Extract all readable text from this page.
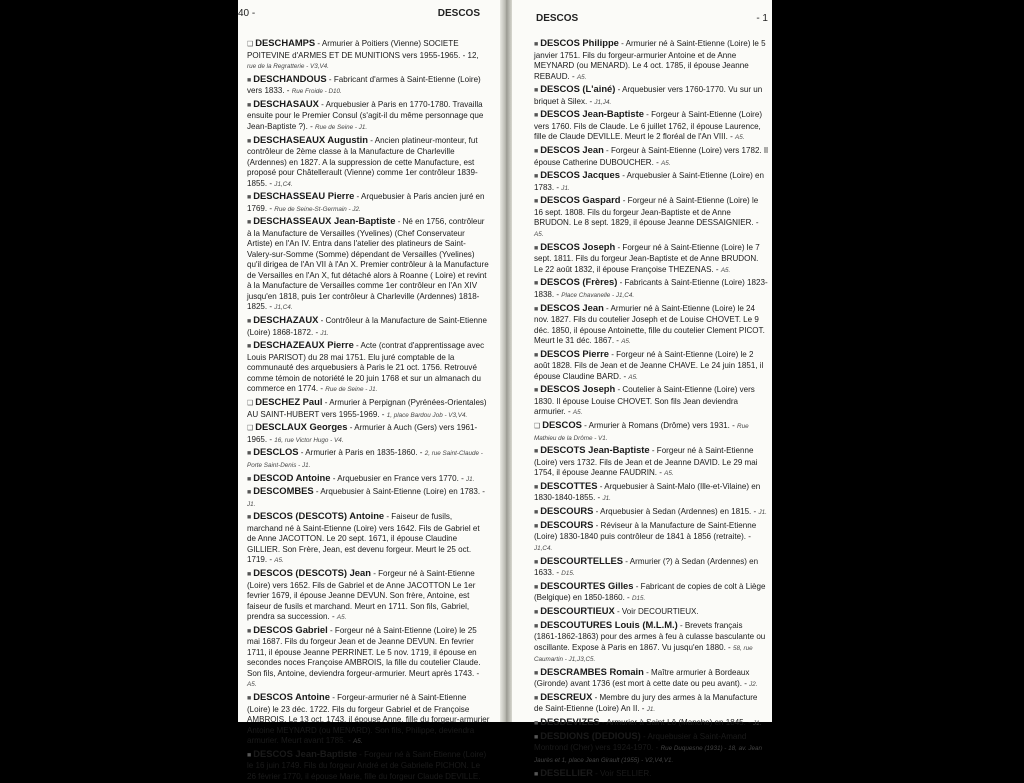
40 -	DESCOS
❑ DESCHAMPS - Armurier à Poitiers (Vienne) SOCIETE POITEVINE d'ARMES ET DE MUNITIONS vers 1955-1965. - 12, rue de la Regratterie - V3,V4.
■ DESCHANDOUS - Fabricant d'armes à Saint-Etienne (Loire) vers 1833. - Rue Froide - D10.
■ DESCHASAUX - Arquebusier à Paris en 1770-1780. Travailla ensuite pour le Premier Consul (s'agit-il du même personnage que Jean-Baptiste ?). - Rue de Seine - J1.
■ DESCHASEAUX Augustin - Ancien platineur-monteur, fut contrôleur de 2ème classe à la Manufacture de Charleville (Ardennes) en 1827. A la suppression de cette Manufacture, est proposé pour Châtellerault (Vienne) comme 1er contrôleur 1839-1855. - J1,C4.
■ DESCHASSEAU Pierre - Arquebusier à Paris ancien juré en 1769. - Rue de Seine-St-Germain - J2.
■ DESCHASSEAUX Jean-Baptiste - Né en 1756, contrôleur à la Manufacture de Versailles (Yvelines) (Chef Conservateur Artiste) en l'An IV. Entra dans l'atelier des platineurs de Saint-Valery-sur-Somme (Somme) dépendant de Versailles (Yvelines) qu'il dirigea de l'An VII à l'An X. Premier contrôleur à la Manufacture de Versailles en l'An X, fut détaché alors à Roanne ( Loire) et revint à la Manufacture de Versailles comme 1er contrôleur en l'An XIV jusqu'en 1818, puis 1er contrôleur à Charleville (Ardennes) 1818-1825. - J1,C4.
■ DESCHAZAUX - Contrôleur à la Manufacture de Saint-Etienne (Loire) 1868-1872. - J1.
■ DESCHAZEAUX Pierre - Acte (contrat d'apprentissage avec Louis PARISOT) du 28 mai 1751. Elu juré comptable de la communauté des arquebusiers à Paris le 21 oct. 1756. Retrouvé comme témoin de notoriété le 20 juin 1768 et sur un almanach du commerce en 1774. - Rue de Seine - J1.
❑ DESCHEZ Paul - Armurier à Perpignan (Pyrénées-Orientales) AU SAINT-HUBERT vers 1955-1969. - 1, place Bardou Job - V3,V4.
❑ DESCLAUX Georges - Armurier à Auch (Gers) vers 1961-1965. - 16, rue Victor Hugo - V4.
■ DESCLOS - Armurier à Paris en 1835-1860. - 2, rue Saint-Claude - Porte Saint-Denis - J1.
■ DESCOD Antoine - Arquebusier en France vers 1770. - J1.
■ DESCOMBES - Arquebusier à Saint-Etienne (Loire) en 1783. - J1.
■ DESCOS (DESCOTS) Antoine - Faiseur de fusils, marchand né à Saint-Etienne (Loire) vers 1642. Fils de Gabriel et de Anne JACOTTON. Le 20 sept. 1671, il épouse Claudine GILLIER. Son Frère, Jean, est devenu forgeur. Meurt le 25 oct. 1719. - A5.
■ DESCOS (DESCOTS) Jean - Forgeur né à Saint-Etienne (Loire) vers 1652. Fils de Gabriel et de Anne JACOTTON Le 1er fevrier 1679, il épouse Jeanne DEVUN. Son frère, Antoine, est faiseur de fusils et marchand. Meurt en 1711. Son fils, Gabriel, prendra sa succession. - A5.
■ DESCOS Gabriel - Forgeur né à Saint-Etienne (Loire) le 25 mai 1687. Fils du forgeur Jean et de Jeanne DEVUN. En fevrier 1711, il épouse Jeanne PERRINET. Le 5 nov. 1719, il épouse en secondes noces Françoise AMBROIS, la fille du coutelier Claude. Son fils, Antoine, deviendra forgeur-armurier. Meurt après 1743. - A5.
■ DESCOS Antoine - Forgeur-armurier né à Saint-Etienne (Loire) le 23 déc. 1722. Fils du forgeur Gabriel et de Françoise AMBROIS. Le 13 oct. 1743, il épouse Anne, fille du forgeur-armurier Antoine MEYNARD (ou MENARD). Son fils, Philippe, deviendra armurier. Meurt avant 1785. - A5.
■ DESCOS Jean-Baptiste - Forgeur né à Saint-Etienne (Loire) le 16 juin 1749. Fils du forgeur André et de Gabrielle PICHON. Le 26 février 1770, il épouse Marie, fille du forgeur Claude DEVILLE.
DESCOS	- 1
■ DESCOS Philippe - Armurier né à Saint-Etienne (Loire) le 5 janvier 1751. Fils du forgeur-armurier Antoine et de Anne MEYNARD (ou MENARD). Le 4 oct. 1785, il épouse Jeanne REBAUD. - A5.
■ DESCOS (L'ainé) - Arquebusier vers 1760-1770. Vu sur un briquet à Silex. - J1,J4.
■ DESCOS Jean-Baptiste - Forgeur à Saint-Etienne (Loire) vers 1760. Fils de Claude. Le 6 juillet 1762, il épouse Laurence, fille de Claude DEVILLE. Meurt le 2 floréal de l'An VIII. - A5.
■ DESCOS Jean - Forgeur à Saint-Etienne (Loire) vers 1782. Il épouse Catherine DUBOUCHER. - A5.
■ DESCOS Jacques - Arquebusier à Saint-Etienne (Loire) en 1783. - J1.
■ DESCOS Gaspard - Forgeur né à Saint-Etienne (Loire) le 16 sept. 1808. Fils du forgeur Jean-Baptiste et de Anne BRUDON. Le 8 sept. 1829, il épouse Jeanne DESSAIGNIER. - A5.
■ DESCOS Joseph - Forgeur né à Saint-Etienne (Loire) le 7 sept. 1811. Fils du forgeur Jean-Baptiste et de Anne BRUDON. Le 22 août 1832, il épouse Françoise THEZENAS. - A5.
■ DESCOS (Frères) - Fabricants à Saint-Etienne (Loire) 1823-1838. - Place Chavanelle - J1,C4.
■ DESCOS Jean - Armurier né à Saint-Etienne (Loire) le 24 nov. 1827. Fils du coutelier Joseph et de Louise CHOVET. Le 9 déc. 1850, il épouse Antoinette, fille du coutelier Clement PICOT. Meurt le 31 déc. 1867. - A5.
■ DESCOS Pierre - Forgeur né à Saint-Etienne (Loire) le 2 août 1828. Fils de Jean et de Jeanne CHAVE. Le 24 juin 1851, il épouse Claudine BARD. - A5.
■ DESCOS Joseph - Coutelier à Saint-Etienne (Loire) vers 1830. Il épouse Louise CHOVET. Son fils Jean deviendra armurier. - A5.
❑ DESCOS - Armurier à Romans (Drôme) vers 1931. - Rue Mathieu de la Drôme - V1.
■ DESCOTS Jean-Baptiste - Forgeur né à Saint-Etienne (Loire) vers 1732. Fils de Jean et de Jeanne DAVID. Le 29 mai 1754, il épouse Jeanne FAUDRIN. - A5.
■ DESCOTTES - Arquebusier à Saint-Malo (Ille-et-Vilaine) en 1830-1840-1855. - J1.
■ DESCOURS - Arquebusier à Sedan (Ardennes) en 1815. - J1.
■ DESCOURS - Réviseur à la Manufacture de Saint-Etienne (Loire) 1830-1840 puis contrôleur de 1841 à 1856 (retraite). - J1,C4.
■ DESCOURTELLES - Armurier (?) à Sedan (Ardennes) en 1633. - D15.
■ DESCOURTES Gilles - Fabricant de copies de colt à Liège (Belgique) en 1850-1860. - D15.
■ DESCOURTIEUX - Voir DECOURTIEUX.
■ DESCOUTURES Louis (M.L.M.) - Brevets français (1861-1862-1863) pour des armes à feu à culasse basculante ou oscillante. Expose à Paris en 1867. Vu jusqu'en 1880. - 58, rue Caumartin - J1,J3,C5.
■ DESCRAMBES Romain - Maître armurier à Bordeaux (Gironde) avant 1736 (est mort à cette date ou peu avant). - J2.
■ DESCREUX - Membre du jury des armes à la Manufacture de Saint-Etienne (Loire) An II. - J1.
■ DESDEVIZES - Armurier à Saint-Lô (Manche) en 1845. - J1.
■ DESDIONS (DEDIOUS) - Arquebusier à Saint-Amand Montrond (Cher) vers 1924-1970. - Rue Duquesne (1931) - 18, av. Jean Jaurès et 1, place Jean Girault (1955) - V2,V4,V1.
■ DESELLIER - Voir SELLIER.
